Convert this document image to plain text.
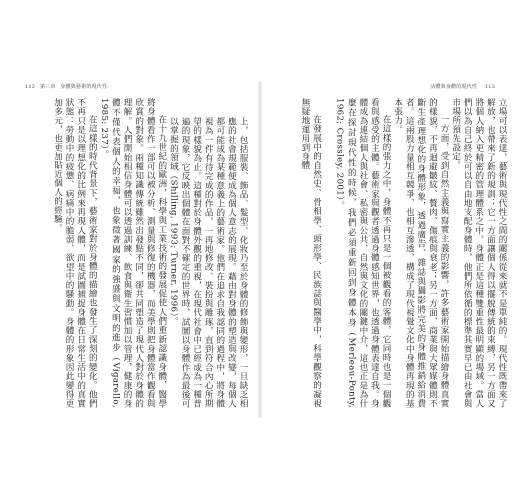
112 第三章 身體與藝術的現代性

上，包括服裝、飾品、髮型、化妝乃至於身體的修飾與變形，一旦缺乏相應的社會規範便成為個人意志的展現。藉由對身體的塑造與改變，每個人都可能成為某種意義上的藝術家。他們在追求自我認同的過程中，將身體視為一件有待完成的作品，一再地修改、裝扮與雕琢，直到符合內心所期望的樣貌為止。這種對於身體外觀的重視，在現代社會中已經成為一種普遍的現象，它反映出個體在面對不確定的世界時，試圖以身體作為最後可以掌握的領域（Shilling, 1993; Turner, 1996）。

在十九世紀的歐洲，科學與工業技術的發展促使人們重新認識身體，醫學將身體看作一部可以被分析、測量與修復的機器，而美學則把身體當作觀看與欣賞的對象。兩種知識傳統雖然出發點不同，卻共同塑造了現代人對於身體的理解。人們開始相信身體可以透過訓練、飲食與衛生習慣加以管理，健康的身體不僅代表個人的幸福，也象徵著國家的強盛與文明的進步（Vigarello, 1985: 237）。

在這樣的時代背景下，藝術家對於身體的描繪也發生了深刻的變化。他們不再只是以理想化的比例來再現人體，而是試圖捕捉身體在日常生活中的真實狀態：勞動中的疲憊、病痛中的脆弱、欲望中的騷動。身體的形象因此變得更加多元，也更加貼近個人的經驗。

活體與身體的現代性 113

立場可以表達，藝術與現代性之間的關係從來就不是單純的。現代性既帶來了解放，也帶來了新的規訓；它一方面讓個人得以擺脫傳統的束縛，另一方面又將個人納入更精密的管理體系之中。身體正是這種雙重性最明顯的場域。當人們以為自己終於可以自由地支配身體時，他們所依循的標準其實早已由社會與市場所預先設定。

一方面，受到自然主義與寫實主義的影響，許多藝術家開始描繪身體真實的樣貌，不再迴避皺紋、贅肉、傷痕與衰老；另一方面，商業與大眾媒體則不斷生產理想化的身體形象，透過廣告、雜誌與攝影將完美的身體推銷給消費者。這兩股力量相互競爭，也相互滲透，構成了現代視覺文化中身體再現的基本張力。

在這樣的張力之中，身體不再只是一個被觀看的客體，它同時也是一個觀看與感受的主體。藝術家與觀者透過身體感知世界，也透過身體表達自我。身體成為連結個人與社會、私密與公共、自然與文化的關鍵中介，這也正是為什麼在探討現代性的時候，我們必須重新回到身體本身（Merleau-Ponty, 1962; Crossley, 2001）。

在發展中的自然史、骨相學、頭形學、民族誌與醫學中，科學觀察的凝視無疑地運用到身體
